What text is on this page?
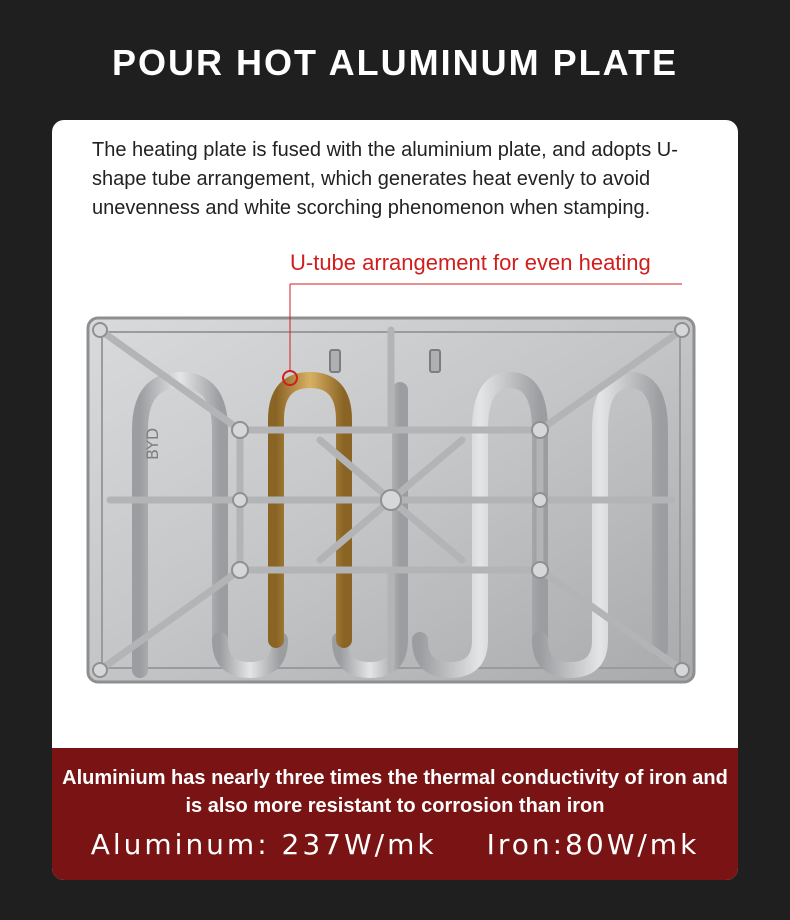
POUR HOT ALUMINUM PLATE
The heating plate is fused with the aluminium plate, and adopts U-shape tube arrangement, which generates heat evenly to avoid unevenness and white scorching phenomenon when stamping.
U-tube arrangement for even heating
BYD
Aluminium has nearly three times the thermal conductivity of iron and is also more resistant to corrosion than iron
Aluminum: 237W/mk Iron:80W/mk
